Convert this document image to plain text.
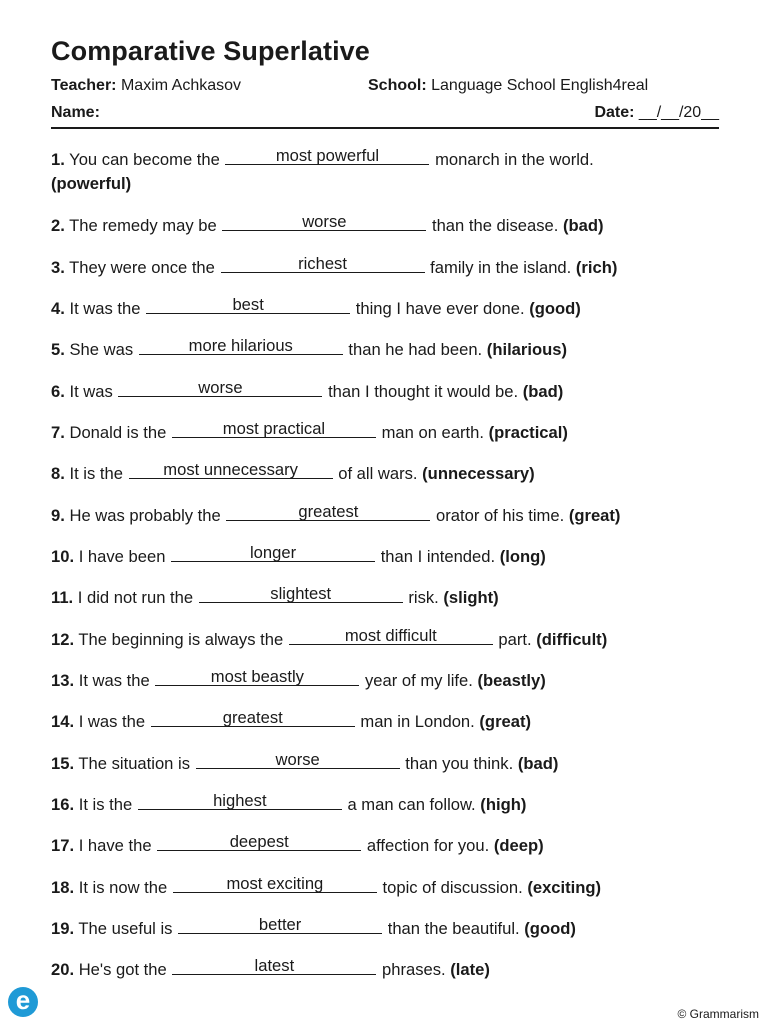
Comparative Superlative
Teacher: Maxim Achkasov	School: Language School English4real
Name:	Date: __/__/20__
1. You can become the	most powerful	monarch in the world.
(powerful)
2. The remedy may be	worse	than the disease. (bad)
3. They were once the	richest	family in the island. (rich)
4. It was the	best	thing I have ever done. (good)
5. She was	more hilarious	than he had been. (hilarious)
6. It was	worse	than I thought it would be. (bad)
7. Donald is the	most practical	man on earth. (practical)
8. It is the	most unnecessary	of all wars. (unnecessary)
9. He was probably the	greatest	orator of his time. (great)
10. I have been	longer	than I intended. (long)
11. I did not run the	slightest	risk. (slight)
12. The beginning is always the	most difficult	part. (difficult)
13. It was the	most beastly	year of my life. (beastly)
14. I was the	greatest	man in London. (great)
15. The situation is	worse	than you think. (bad)
16. It is the	highest	a man can follow. (high)
17. I have the	deepest	affection for you. (deep)
18. It is now the	most exciting	topic of discussion. (exciting)
19. The useful is	better	than the beautiful. (good)
20. He's got the	latest	phrases. (late)
e	© Grammarism
